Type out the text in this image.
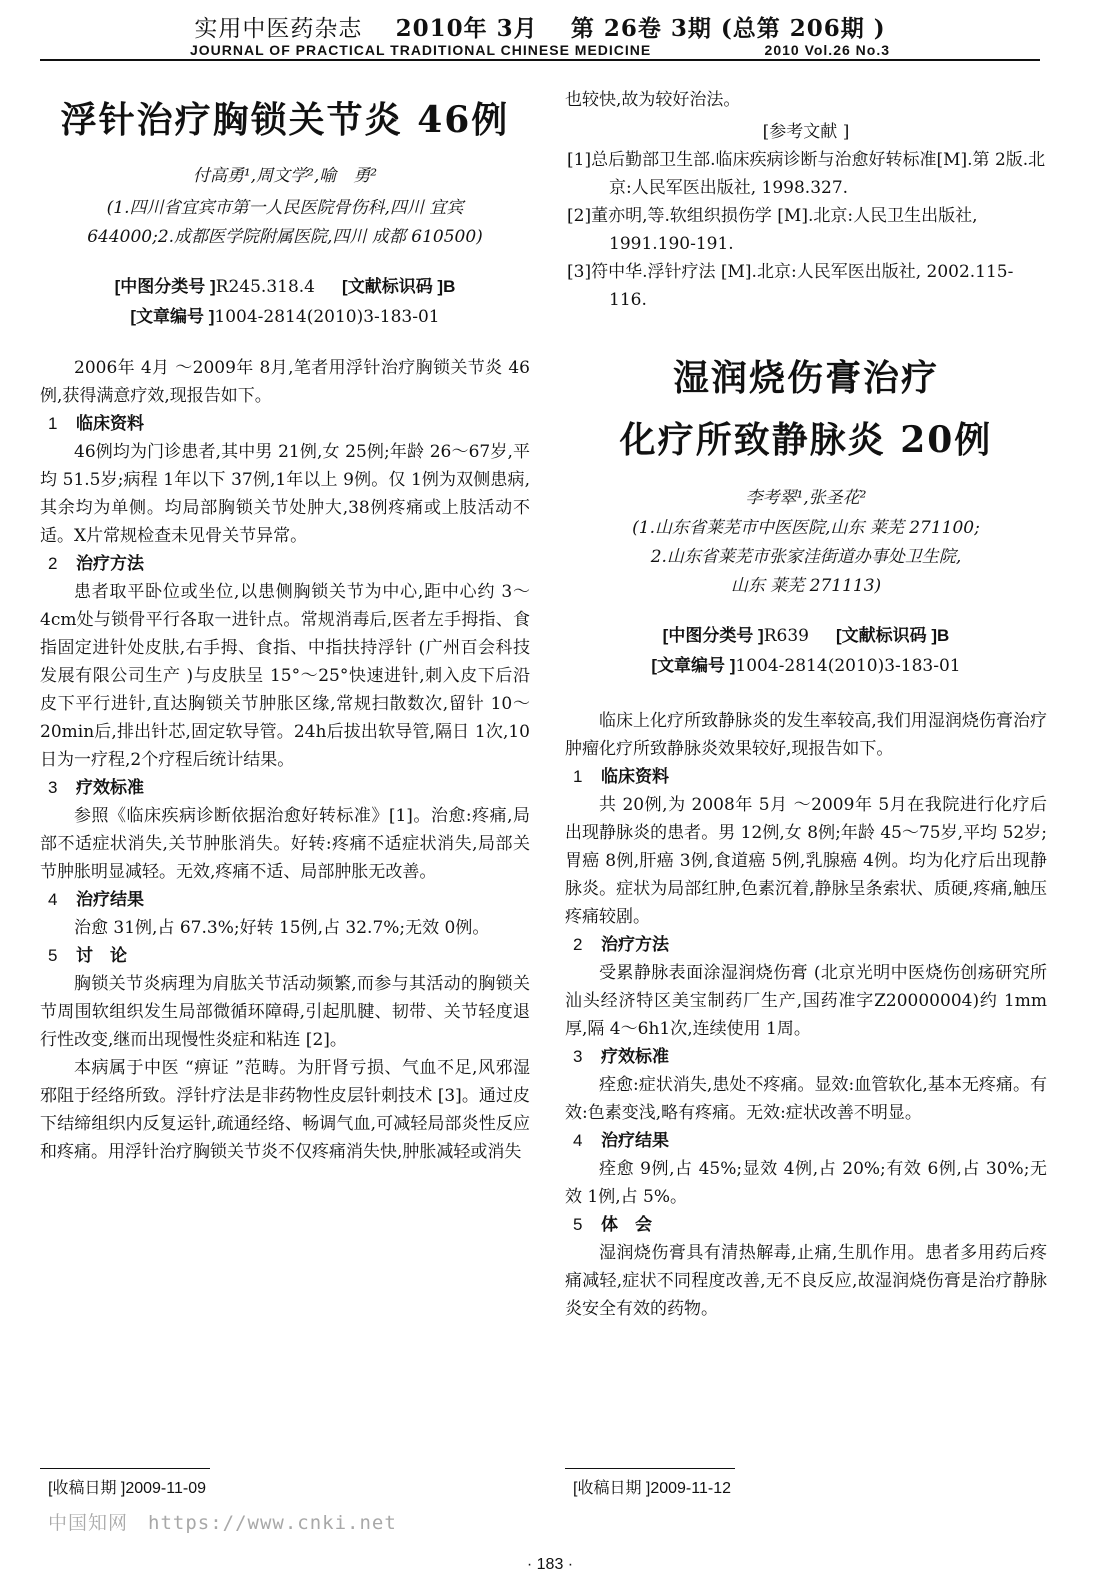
实用中医药杂志 2010年 3月 第 26卷 3期 (总第 206期 )
JOURNAL OF PRACTICAL TRADITIONAL CHINESE MEDICINE	2010 Vol.26 No.3
浮针治疗胸锁关节炎 46例
付高勇¹,周文学²,喻　勇²
(1.四川省宜宾市第一人民医院骨伤科,四川 宜宾
644000;2.成都医学院附属医院,四川 成都 610500)
[中图分类号 ]R245.318.4 [文献标识码 ]B
[文章编号 ]1004-2814(2010)3-183-01

2006年 4月 ～2009年 8月,笔者用浮针治疗胸锁关节炎 46例,获得满意疗效,现报告如下。

1 临床资料

46例均为门诊患者,其中男 21例,女 25例;年龄 26～67岁,平均 51.5岁;病程 1年以下 37例,1年以上 9例。仅 1例为双侧患病,其余均为单侧。均局部胸锁关节处肿大,38例疼痛或上肢活动不适。X片常规检查未见骨关节异常。

2 治疗方法

患者取平卧位或坐位,以患侧胸锁关节为中心,距中心约 3～4cm处与锁骨平行各取一进针点。常规消毒后,医者左手拇指、食指固定进针处皮肤,右手拇、食指、中指扶持浮针 (广州百会科技发展有限公司生产 )与皮肤呈 15°～25°快速进针,刺入皮下后沿皮下平行进针,直达胸锁关节肿胀区缘,常规扫散数次,留针 10～20min后,排出针芯,固定软导管。24h后拔出软导管,隔日 1次,10日为一疗程,2个疗程后统计结果。

3 疗效标准

参照《临床疾病诊断依据治愈好转标准》[1]。治愈:疼痛,局部不适症状消失,关节肿胀消失。好转:疼痛不适症状消失,局部关节肿胀明显减轻。无效,疼痛不适、局部肿胀无改善。

4 治疗结果

治愈 31例,占 67.3%;好转 15例,占 32.7%;无效 0例。

5 讨　论

胸锁关节炎病理为肩肱关节活动频繁,而参与其活动的胸锁关节周围软组织发生局部微循环障碍,引起肌腱、韧带、关节轻度退行性改变,继而出现慢性炎症和粘连 [2]。

本病属于中医 “痹证 ”范畴。为肝肾亏损、气血不足,风邪湿邪阻于经络所致。浮针疗法是非药物性皮层针刺技术 [3]。通过皮下结缔组织内反复运针,疏通经络、畅调气血,可减轻局部炎性反应和疼痛。用浮针治疗胸锁关节炎不仅疼痛消失快,肿胀减轻或消失

[收稿日期 ]2009-11-09

也较快,故为较好治法。

[参考文献 ]
[1]总后勤部卫生部.临床疾病诊断与治愈好转标准[M].第 2版.北京:人民军医出版社, 1998.327.
[2]董亦明,等.软组织损伤学 [M].北京:人民卫生出版社, 1991.190-191.
[3]符中华.浮针疗法 [M].北京:人民军医出版社, 2002.115-116.
湿润烧伤膏治疗
化疗所致静脉炎 20例
李考翠¹,张圣花²
(1.山东省莱芜市中医医院,山东 莱芜 271100;
2.山东省莱芜市张家洼街道办事处卫生院,
山东 莱芜 271113)
[中图分类号 ]R639 [文献标识码 ]B
[文章编号 ]1004-2814(2010)3-183-01

临床上化疗所致静脉炎的发生率较高,我们用湿润烧伤膏治疗肿瘤化疗所致静脉炎效果较好,现报告如下。

1 临床资料

共 20例,为 2008年 5月 ～2009年 5月在我院进行化疗后出现静脉炎的患者。男 12例,女 8例;年龄 45～75岁,平均 52岁;胃癌 8例,肝癌 3例,食道癌 5例,乳腺癌 4例。均为化疗后出现静脉炎。症状为局部红肿,色素沉着,静脉呈条索状、质硬,疼痛,触压疼痛较剧。

2 治疗方法

受累静脉表面涂湿润烧伤膏 (北京光明中医烧伤创疡研究所汕头经济特区美宝制药厂生产,国药准字Z20000004)约 1mm厚,隔 4～6h1次,连续使用 1周。

3 疗效标准

痊愈:症状消失,患处不疼痛。显效:血管软化,基本无疼痛。有效:色素变浅,略有疼痛。无效:症状改善不明显。

4 治疗结果

痊愈 9例,占 45%;显效 4例,占 20%;有效 6例,占 30%;无效 1例,占 5%。

5 体　会

湿润烧伤膏具有清热解毒,止痛,生肌作用。患者多用药后疼痛减轻,症状不同程度改善,无不良反应,故湿润烧伤膏是治疗静脉炎安全有效的药物。

[收稿日期 ]2009-11-12
中国知网　https://www.cnki.net
· 183 ·
